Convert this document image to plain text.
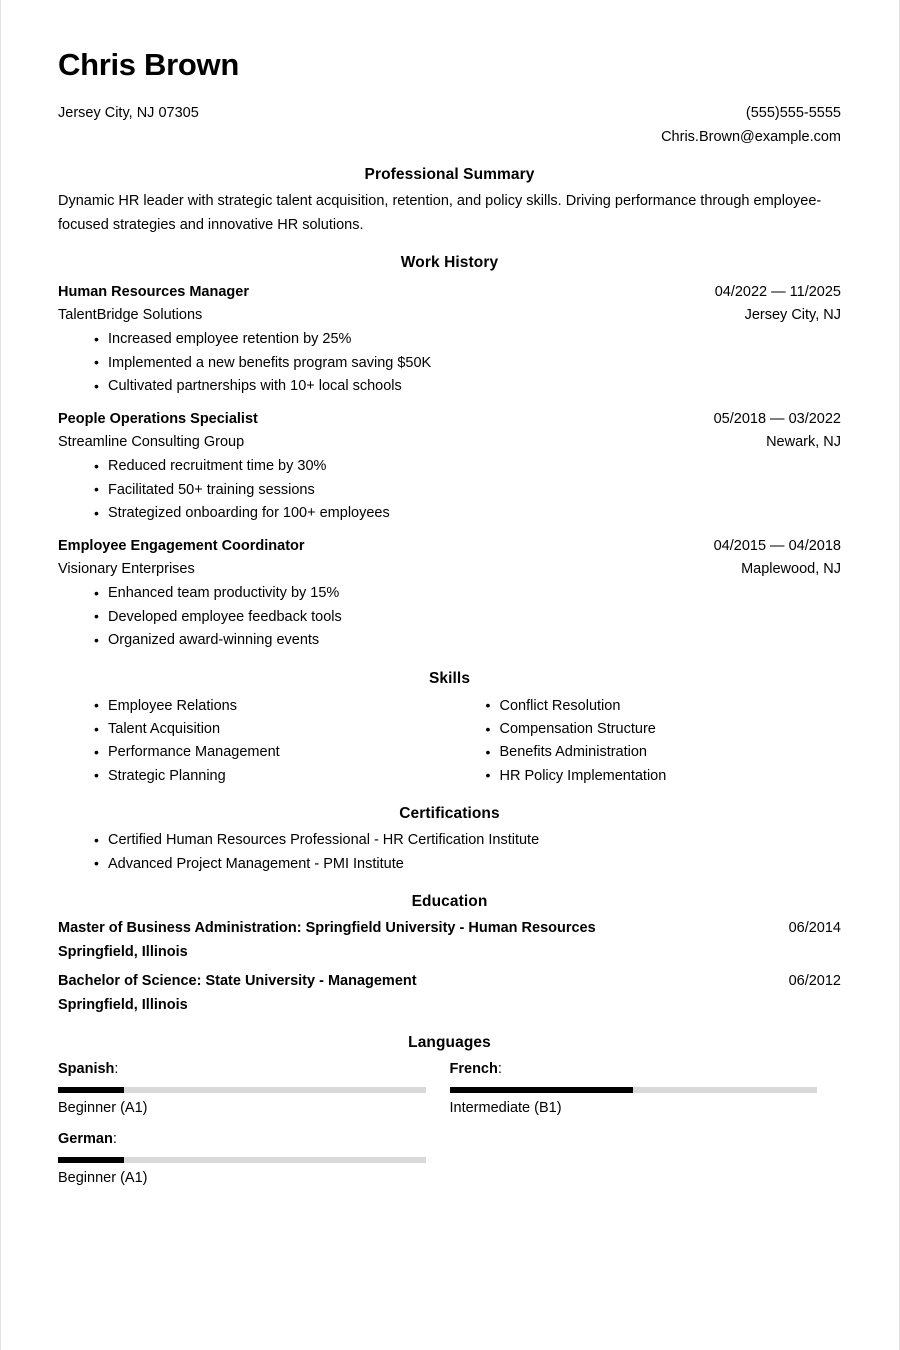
Chris Brown
Jersey City, NJ 07305	(555)555-5555
Chris.Brown@example.com
Professional Summary
Dynamic HR leader with strategic talent acquisition, retention, and policy skills. Driving performance through employee-focused strategies and innovative HR solutions.
Work History
Human Resources Manager	04/2022 — 11/2025
TalentBridge Solutions	Jersey City, NJ
• Increased employee retention by 25%
• Implemented a new benefits program saving $50K
• Cultivated partnerships with 10+ local schools
People Operations Specialist	05/2018 — 03/2022
Streamline Consulting Group	Newark, NJ
• Reduced recruitment time by 30%
• Facilitated 50+ training sessions
• Strategized onboarding for 100+ employees
Employee Engagement Coordinator	04/2015 — 04/2018
Visionary Enterprises	Maplewood, NJ
• Enhanced team productivity by 15%
• Developed employee feedback tools
• Organized award-winning events
Skills
• Employee Relations
• Talent Acquisition
• Performance Management
• Strategic Planning
• Conflict Resolution
• Compensation Structure
• Benefits Administration
• HR Policy Implementation
Certifications
• Certified Human Resources Professional - HR Certification Institute
• Advanced Project Management - PMI Institute
Education
Master of Business Administration: Springfield University - Human Resources	06/2014
Springfield, Illinois
Bachelor of Science: State University - Management	06/2012
Springfield, Illinois
Languages
Spanish:
Beginner (A1)
French:
Intermediate (B1)
German:
Beginner (A1)
